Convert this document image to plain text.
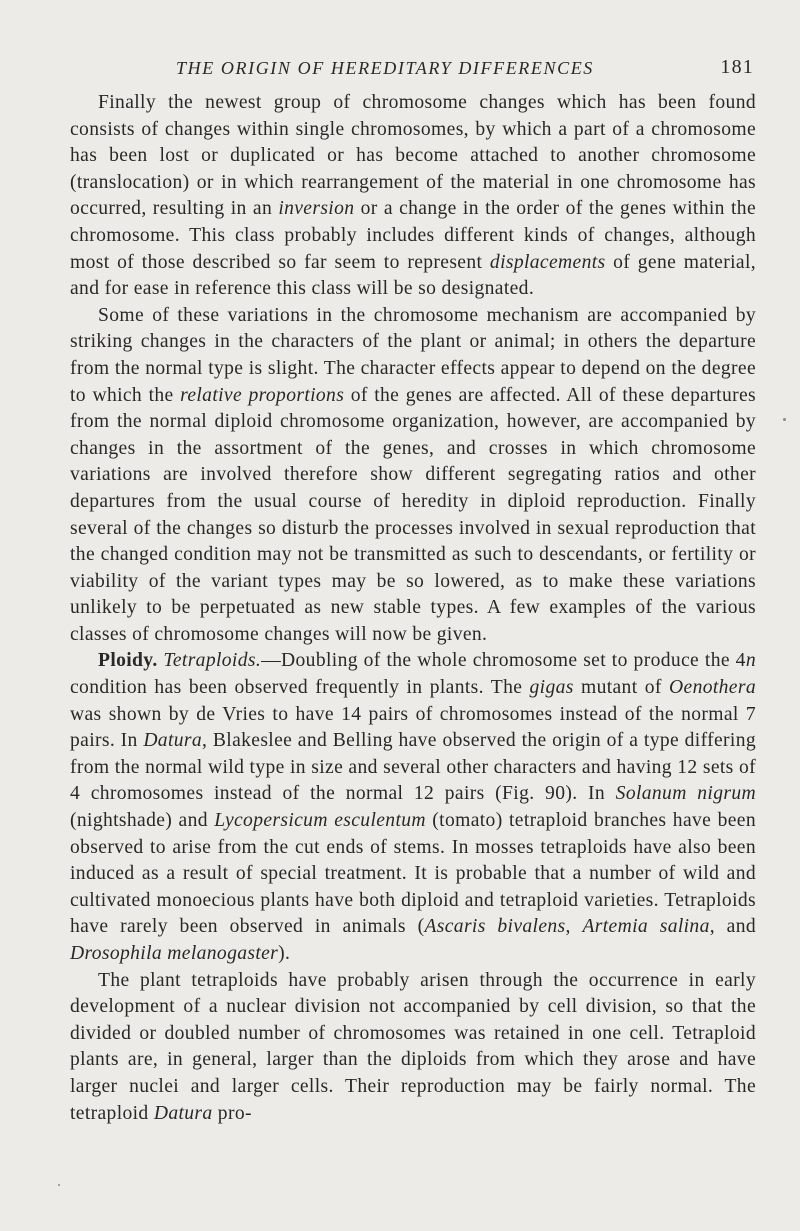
THE ORIGIN OF HEREDITARY DIFFERENCES	181

Finally the newest group of chromosome changes which has been found consists of changes within single chromosomes, by which a part of a chromosome has been lost or duplicated or has become attached to another chromosome (translocation) or in which rearrangement of the material in one chromosome has occurred, resulting in an inversion or a change in the order of the genes within the chromosome. This class probably includes different kinds of changes, although most of those described so far seem to represent displacements of gene material, and for ease in reference this class will be so designated.

Some of these variations in the chromosome mechanism are accompanied by striking changes in the characters of the plant or animal; in others the departure from the normal type is slight. The character effects appear to depend on the degree to which the relative proportions of the genes are affected. All of these departures from the normal diploid chromosome organization, however, are accompanied by changes in the assortment of the genes, and crosses in which chromosome variations are involved therefore show different segregating ratios and other departures from the usual course of heredity in diploid reproduction. Finally several of the changes so disturb the processes involved in sexual reproduction that the changed condition may not be transmitted as such to descendants, or fertility or viability of the variant types may be so lowered, as to make these variations unlikely to be perpetuated as new stable types. A few examples of the various classes of chromosome changes will now be given.

Ploidy. Tetraploids.—Doubling of the whole chromosome set to produce the 4n condition has been observed frequently in plants. The gigas mutant of Oenothera was shown by de Vries to have 14 pairs of chromosomes instead of the normal 7 pairs. In Datura, Blakeslee and Belling have observed the origin of a type differing from the normal wild type in size and several other characters and having 12 sets of 4 chromosomes instead of the normal 12 pairs (Fig. 90). In Solanum nigrum (nightshade) and Lycopersicum esculentum (tomato) tetraploid branches have been observed to arise from the cut ends of stems. In mosses tetraploids have also been induced as a result of special treatment. It is probable that a number of wild and cultivated monoecious plants have both diploid and tetraploid varieties. Tetraploids have rarely been observed in animals (Ascaris bivalens, Artemia salina, and Drosophila melanogaster).

The plant tetraploids have probably arisen through the occurrence in early development of a nuclear division not accompanied by cell division, so that the divided or doubled number of chromosomes was retained in one cell. Tetraploid plants are, in general, larger than the diploids from which they arose and have larger nuclei and larger cells. Their reproduction may be fairly normal. The tetraploid Datura pro-
